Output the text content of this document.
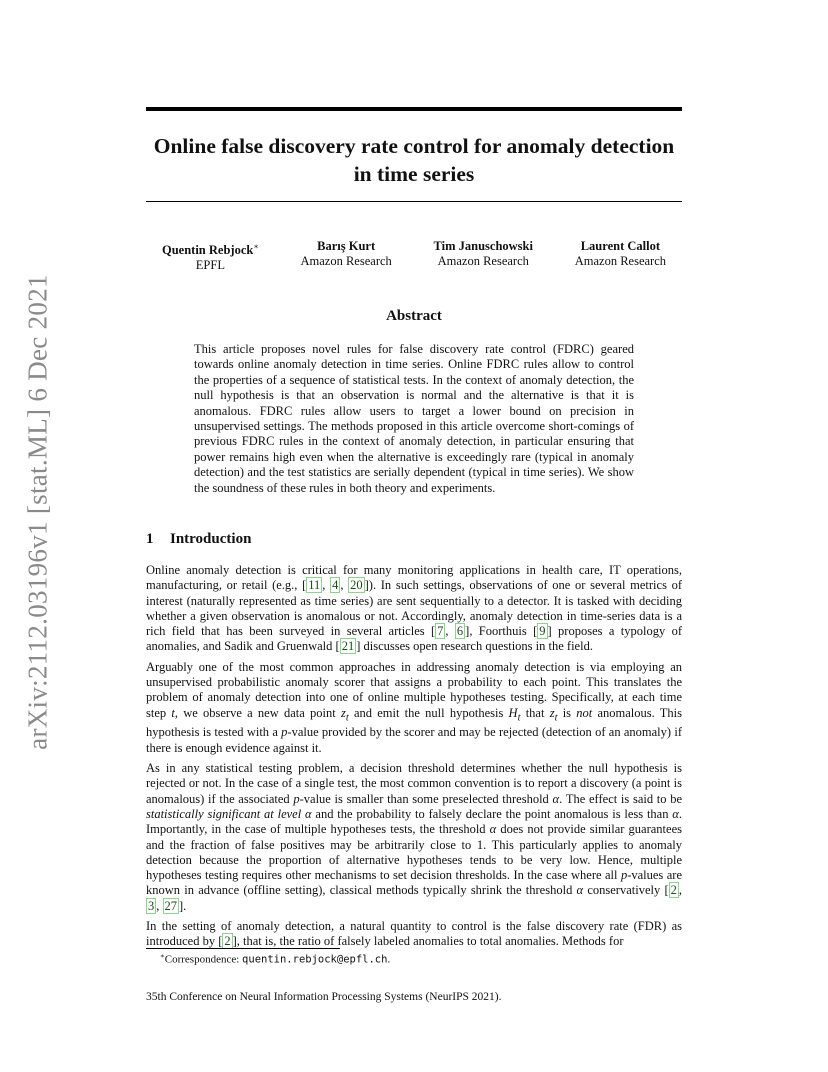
arXiv:2112.03196v1 [stat.ML] 6 Dec 2021
Online false discovery rate control for anomaly detection in time series
Quentin Rebjock∗
EPFL
Barış Kurt
Amazon Research
Tim Januschowski
Amazon Research
Laurent Callot
Amazon Research
Abstract

This article proposes novel rules for false discovery rate control (FDRC) geared towards online anomaly detection in time series. Online FDRC rules allow to control the properties of a sequence of statistical tests. In the context of anomaly detection, the null hypothesis is that an observation is normal and the alternative is that it is anomalous. FDRC rules allow users to target a lower bound on precision in unsupervised settings. The methods proposed in this article overcome short-comings of previous FDRC rules in the context of anomaly detection, in particular ensuring that power remains high even when the alternative is exceedingly rare (typical in anomaly detection) and the test statistics are serially dependent (typical in time series). We show the soundness of these rules in both theory and experiments.

1 Introduction

Online anomaly detection is critical for many monitoring applications in health care, IT operations, manufacturing, or retail (e.g., [ 11 , 4 , 20 ]). In such settings, observations of one or several metrics of interest (naturally represented as time series) are sent sequentially to a detector. It is tasked with deciding whether a given observation is anomalous or not. Accordingly, anomaly detection in time-series data is a rich field that has been surveyed in several articles [ 7 , 6 ], Foorthuis [ 9 ] proposes a typology of anomalies, and Sadik and Gruenwald [ 21 ] discusses open research questions in the field.

Arguably one of the most common approaches in addressing anomaly detection is via employing an unsupervised probabilistic anomaly scorer that assigns a probability to each point. This translates the problem of anomaly detection into one of online multiple hypotheses testing. Specifically, at each time step t, we observe a new data point $z_t$ and emit the null hypothesis $H_t$ that $z_t$ is not anomalous. This hypothesis is tested with a p-value provided by the scorer and may be rejected (detection of an anomaly) if there is enough evidence against it.

As in any statistical testing problem, a decision threshold determines whether the null hypothesis is rejected or not. In the case of a single test, the most common convention is to report a discovery (a point is anomalous) if the associated p-value is smaller than some preselected threshold α. The effect is said to be statistically significant at level α and the probability to falsely declare the point anomalous is less than α. Importantly, in the case of multiple hypotheses tests, the threshold α does not provide similar guarantees and the fraction of false positives may be arbitrarily close to 1. This particularly applies to anomaly detection because the proportion of alternative hypotheses tends to be very low. Hence, multiple hypotheses testing requires other mechanisms to set decision thresholds. In the case where all p-values are known in advance (offline setting), classical methods typically shrink the threshold α conservatively [ 2 , 3 , 27 ].

In the setting of anomaly detection, a natural quantity to control is the false discovery rate (FDR) as introduced by [ 2 ], that is, the ratio of falsely labeled anomalies to total anomalies. Methods for

∗Correspondence: quentin.rebjock@epfl.ch.

35th Conference on Neural Information Processing Systems (NeurIPS 2021).
